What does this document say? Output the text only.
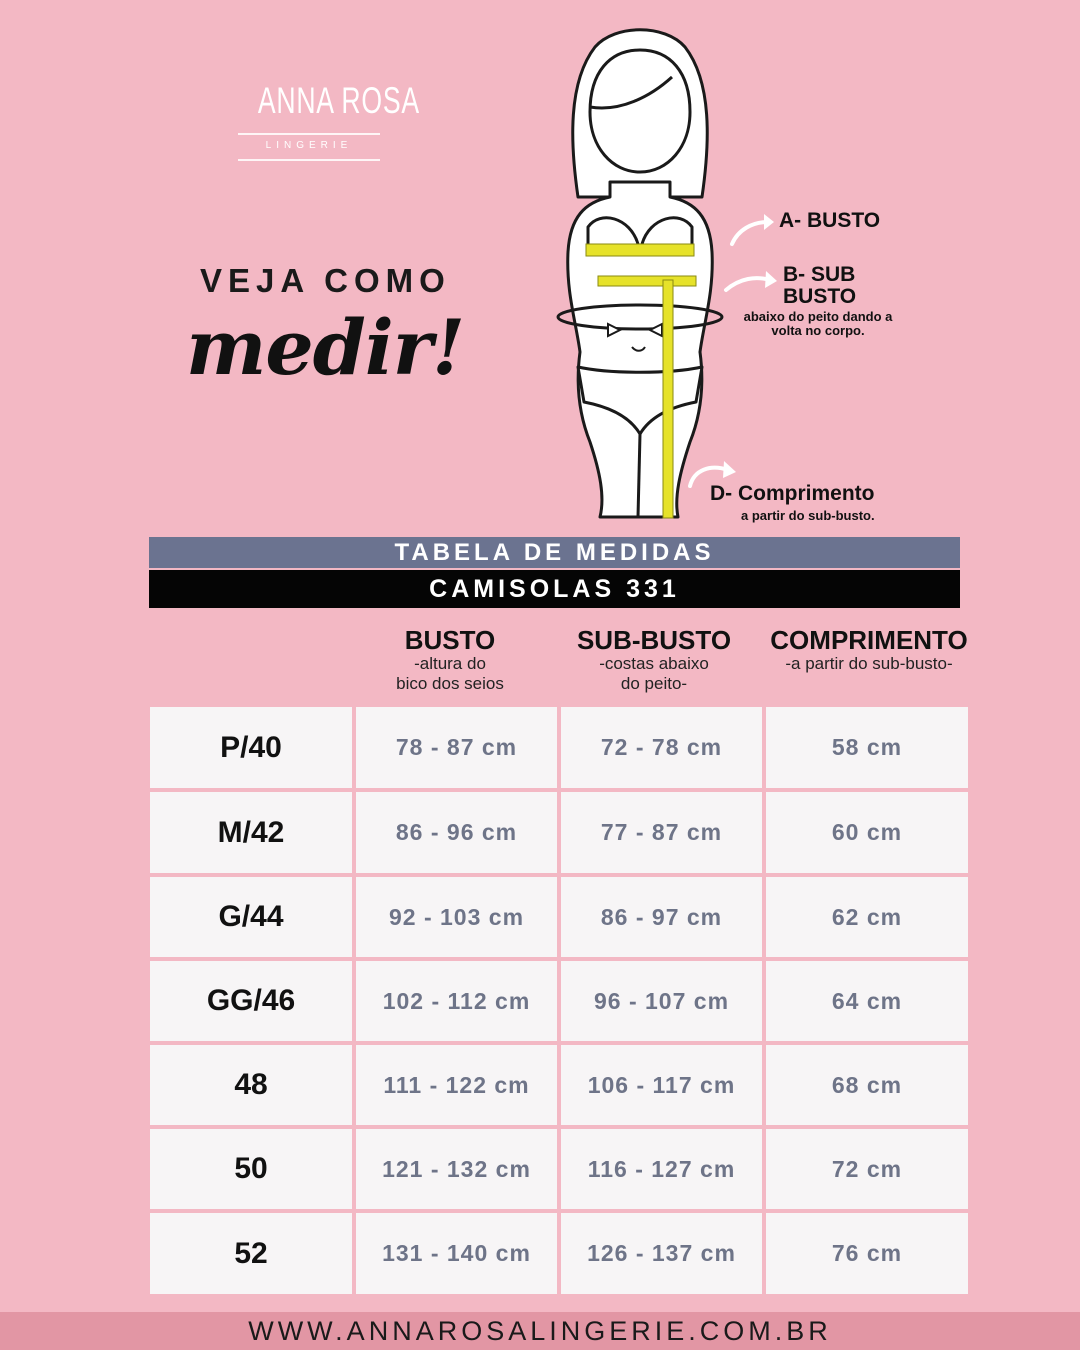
ANNA ROSA
LINGERIE
VEJA COMO
medir!
A- BUSTO
B- SUB
BUSTO
abaixo do peito dando a volta no corpo.
D- Comprimento
a partir do sub-busto.
TABELA DE MEDIDAS
CAMISOLAS 331
BUSTO
-altura do
bico dos seios
SUB-BUSTO
-costas abaixo
do peito-
COMPRIMENTO
-a partir do sub-busto-
P/40	78 - 87 cm	72 - 78 cm	58 cm
M/42	86 - 96 cm	77 - 87 cm	60 cm
G/44	92 - 103 cm	86 - 97 cm	62 cm
GG/46	102 - 112 cm	96 - 107 cm	64 cm
48	111 - 122 cm	106 - 117 cm	68 cm
50	121 - 132 cm	116 - 127 cm	72 cm
52	131 - 140 cm	126 - 137 cm	76 cm
WWW.ANNAROSALINGERIE.COM.BR
